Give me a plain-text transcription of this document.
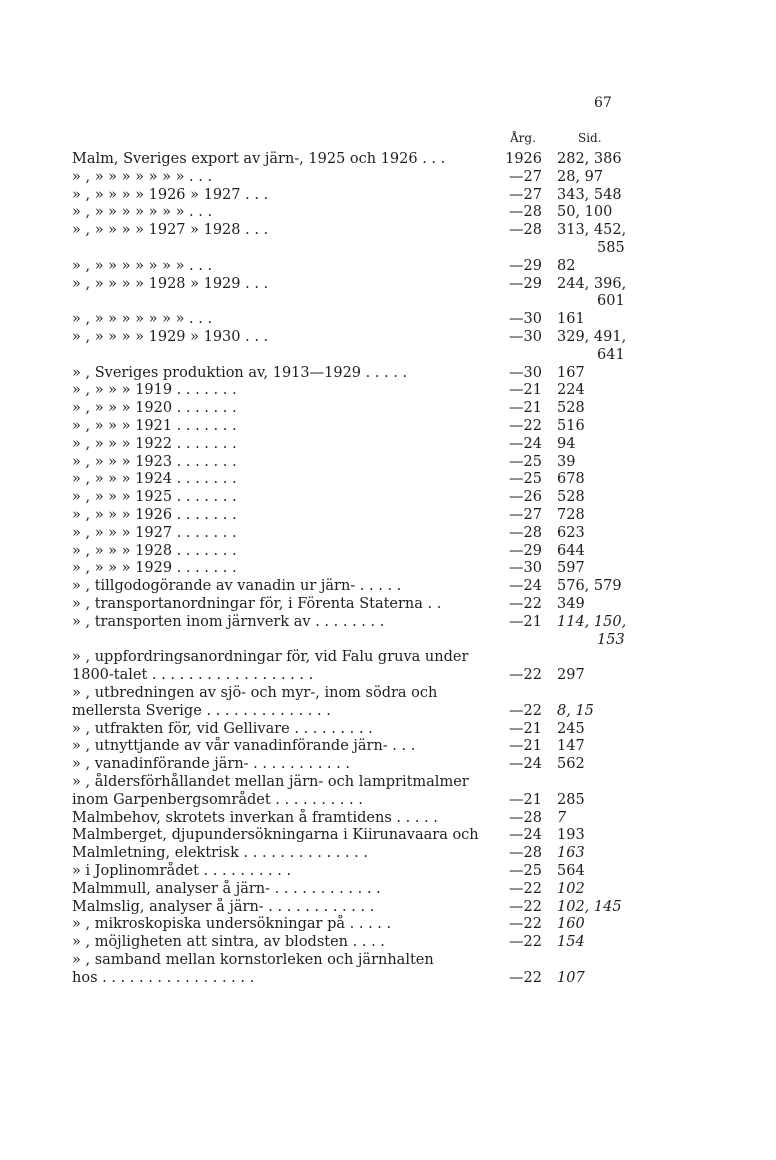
67
Årg.	Sid.
Malm, Sveriges export av järn-, 1925 och 1926 . . .	1926 282, 386
» , » » » » » » » . . .	—27 28, 97
» , » » » » 1926 » 1927 . . .	—27 343, 548
» , » » » » » » » . . .	—28 50, 100
» , » » » » 1927 » 1928 . . .	—28 313, 452,
585
» , » » » » » » » . . .	—29 82
» , » » » » 1928 » 1929 . . .	—29 244, 396,
601
» , » » » » » » » . . .	—30 161
» , » » » » 1929 » 1930 . . .	—30 329, 491,
641
» , Sveriges produktion av, 1913—1929 . . . . .	—30 167
» , » » » 1919 . . . . . . .	—21 224
» , » » » 1920 . . . . . . .	—21 528
» , » » » 1921 . . . . . . .	—22 516
» , » » » 1922 . . . . . . .	—24 94
» , » » » 1923 . . . . . . .	—25 39
» , » » » 1924 . . . . . . .	—25 678
» , » » » 1925 . . . . . . .	—26 528
» , » » » 1926 . . . . . . .	—27 728
» , » » » 1927 . . . . . . .	—28 623
» , » » » 1928 . . . . . . .	—29 644
» , » » » 1929 . . . . . . .	—30 597
» , tillgodogörande av vanadin ur järn- . . . . .	—24 576, 579
» , transportanordningar för, i Förenta Staterna . .	—22 349
» , transporten inom järnverk av . . . . . . . .	—21 114, 150,
153
» , uppfordringsanordningar för, vid Falu gruva under
1800-talet . . . . . . . . . . . . . . . . . .	—22 297
» , utbredningen av sjö- och myr-, inom södra och
mellersta Sverige . . . . . . . . . . . . . .	—22 8, 15
» , utfrakten för, vid Gellivare . . . . . . . . .	—21 245
» , utnyttjande av vår vanadinförande järn- . . .	—21 147
» , vanadinförande järn- . . . . . . . . . . .	—24 562
» , åldersförhållandet mellan järn- och lampritmalmer
inom Garpenbergsområdet . . . . . . . . . .	—21 285
Malmbehov, skrotets inverkan å framtidens . . . . .	—28 7
Malmberget, djupundersökningarna i Kiirunavaara och	—24 193
Malmletning, elektrisk . . . . . . . . . . . . . .	—28 163
» i Joplinområdet . . . . . . . . . .	—25 564
Malmmull, analyser å järn- . . . . . . . . . . . .	—22 102
Malmslig, analyser å järn- . . . . . . . . . . . .	—22 102, 145
» , mikroskopiska undersökningar på . . . . .	—22 160
» , möjligheten att sintra, av blodsten . . . .	—22 154
» , samband mellan kornstorleken och järnhalten
hos . . . . . . . . . . . . . . . . .	—22 107
